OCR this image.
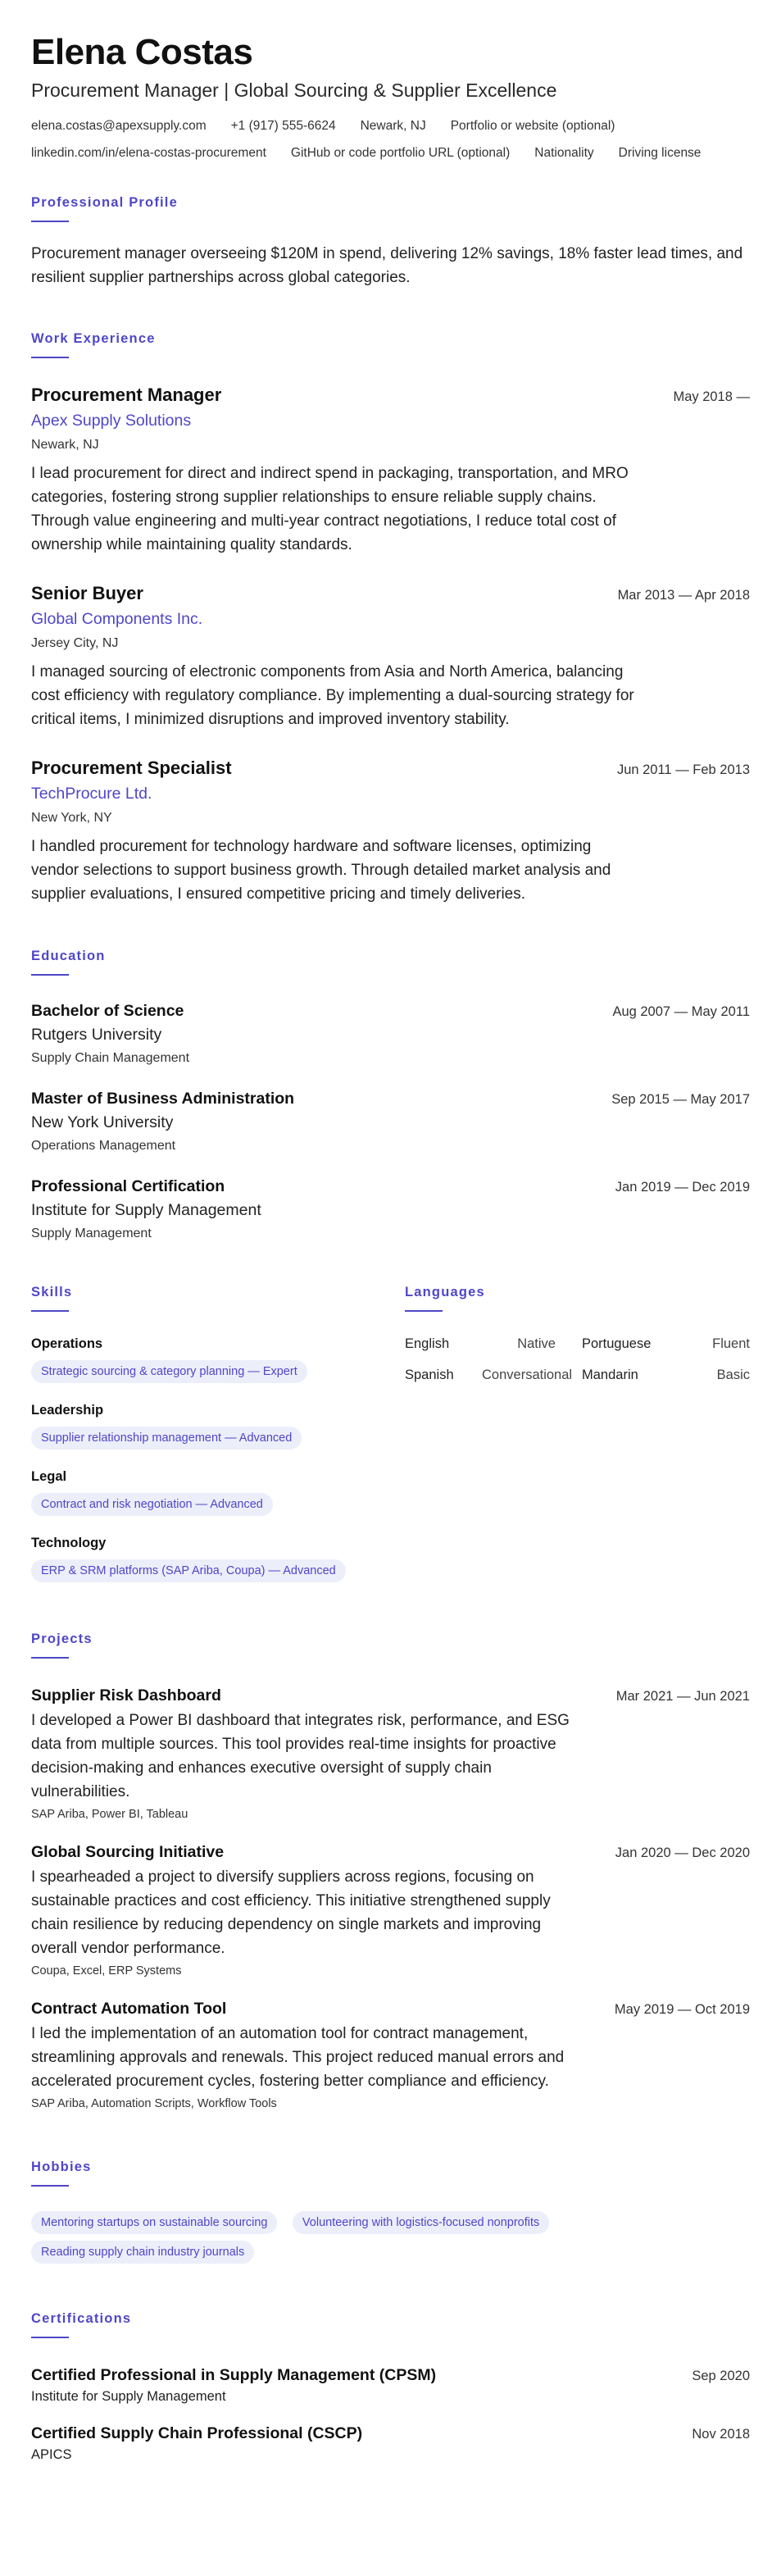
Elena Costas
Procurement Manager | Global Sourcing & Supplier Excellence
elena.costas@apexsupply.com +1 (917) 555-6624 Newark, NJ Portfolio or website (optional)
linkedin.com/in/elena-costas-procurement GitHub or code portfolio URL (optional) Nationality Driving license
Professional Profile
Procurement manager overseeing $120M in spend, delivering 12% savings, 18% faster lead times, and resilient supplier partnerships across global categories.
Work Experience
Procurement Manager	May 2018 —
Apex Supply Solutions
Newark, NJ
I lead procurement for direct and indirect spend in packaging, transportation, and MRO categories, fostering strong supplier relationships to ensure reliable supply chains. Through value engineering and multi-year contract negotiations, I reduce total cost of ownership while maintaining quality standards.
Senior Buyer	Mar 2013 — Apr 2018
Global Components Inc.
Jersey City, NJ
I managed sourcing of electronic components from Asia and North America, balancing cost efficiency with regulatory compliance. By implementing a dual-sourcing strategy for critical items, I minimized disruptions and improved inventory stability.
Procurement Specialist	Jun 2011 — Feb 2013
TechProcure Ltd.
New York, NY
I handled procurement for technology hardware and software licenses, optimizing vendor selections to support business growth. Through detailed market analysis and supplier evaluations, I ensured competitive pricing and timely deliveries.
Education
Bachelor of Science	Aug 2007 — May 2011
Rutgers University
Supply Chain Management
Master of Business Administration	Sep 2015 — May 2017
New York University
Operations Management
Professional Certification	Jan 2019 — Dec 2019
Institute for Supply Management
Supply Management
Skills
Operations
Strategic sourcing & category planning — Expert
Leadership
Supplier relationship management — Advanced
Legal
Contract and risk negotiation — Advanced
Technology
ERP & SRM platforms (SAP Ariba, Coupa) — Advanced
Languages
English	Native	Portuguese	Fluent
Spanish	Conversational Mandarin	Basic
Projects
Supplier Risk Dashboard	Mar 2021 — Jun 2021
I developed a Power BI dashboard that integrates risk, performance, and ESG data from multiple sources. This tool provides real-time insights for proactive decision-making and enhances executive oversight of supply chain vulnerabilities.
SAP Ariba, Power BI, Tableau
Global Sourcing Initiative	Jan 2020 — Dec 2020
I spearheaded a project to diversify suppliers across regions, focusing on sustainable practices and cost efficiency. This initiative strengthened supply chain resilience by reducing dependency on single markets and improving overall vendor performance.
Coupa, Excel, ERP Systems
Contract Automation Tool	May 2019 — Oct 2019
I led the implementation of an automation tool for contract management, streamlining approvals and renewals. This project reduced manual errors and accelerated procurement cycles, fostering better compliance and efficiency.
SAP Ariba, Automation Scripts, Workflow Tools
Hobbies
Mentoring startups on sustainable sourcing	Volunteering with logistics-focused nonprofits Reading supply chain industry journals
Certifications
Certified Professional in Supply Management (CPSM)	Sep 2020
Institute for Supply Management
Certified Supply Chain Professional (CSCP)	Nov 2018
APICS
